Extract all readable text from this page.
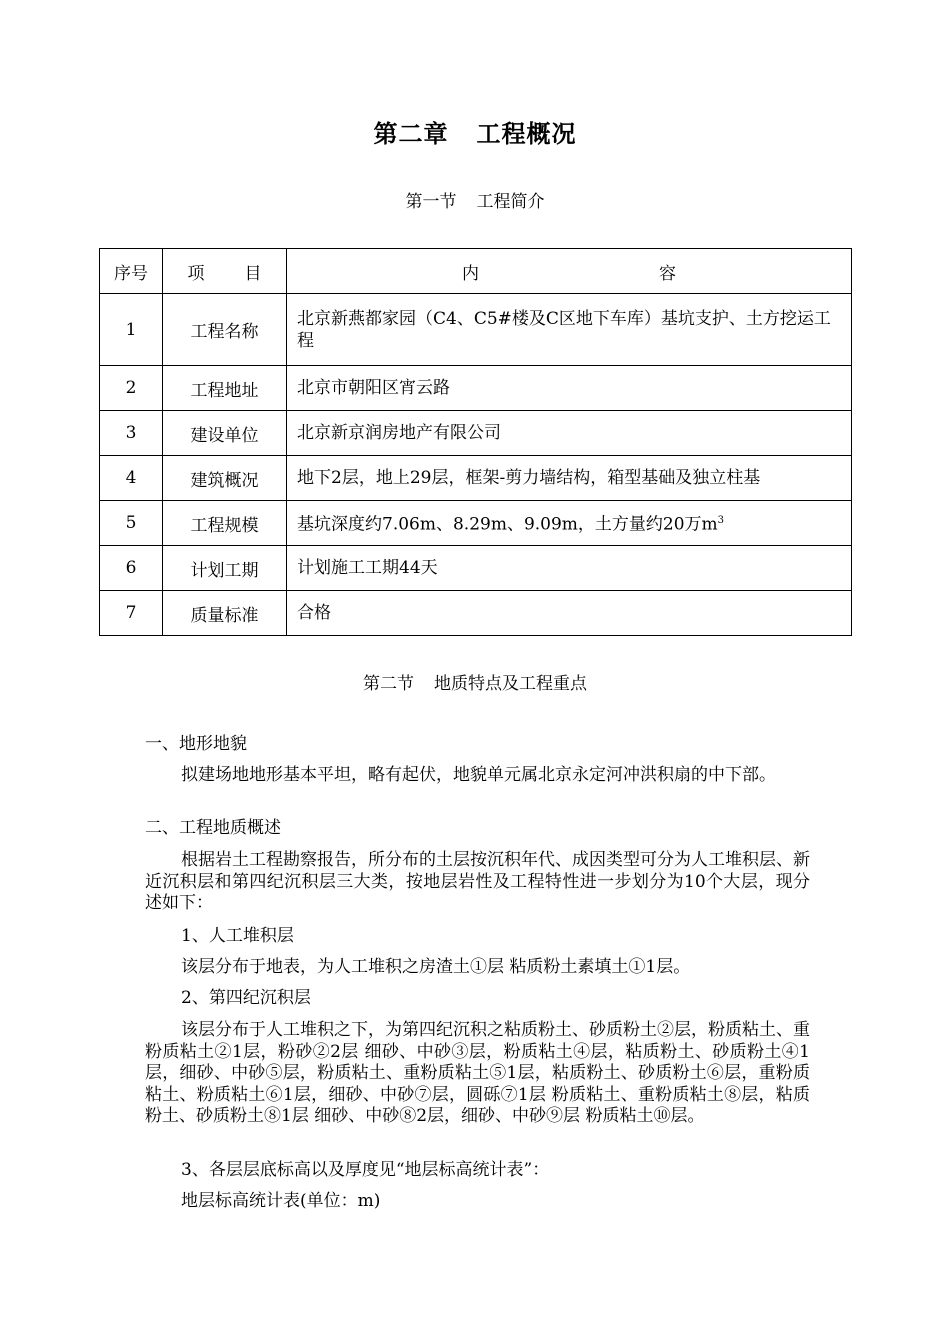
第二章 工程概况
第一节 工程简介
序号	项 目	内 容
1	工程名称	北京新燕都家园（C4、C5#楼及C区地下车库）基坑支护、土方挖运工程
2	工程地址	北京市朝阳区宵云路
3	建设单位	北京新京润房地产有限公司
4	建筑概况	地下2层，地上29层，框架-剪力墙结构，箱型基础及独立柱基
5	工程规模	基坑深度约7.06m、8.29m、9.09m，土方量约20万$m^3$
6	计划工期	计划施工工期44天
7	质量标准	合格
第二节 地质特点及工程重点
一、地形地貌
拟建场地地形基本平坦，略有起伏，地貌单元属北京永定河冲洪积扇的中下部。
二、工程地质概述
根据岩土工程勘察报告，所分布的土层按沉积年代、成因类型可分为人工堆积层、新近沉积层和第四纪沉积层三大类，按地层岩性及工程特性进一步划分为10个大层，现分述如下：
1、人工堆积层
该层分布于地表，为人工堆积之房渣土①层 粘质粉土素填土①1层。
2、第四纪沉积层
该层分布于人工堆积之下，为第四纪沉积之粘质粉土、砂质粉土②层，粉质粘土、重粉质粘土②1层，粉砂②2层 细砂、中砂③层，粉质粘土④层，粘质粉土、砂质粉土④1层，细砂、中砂⑤层，粉质粘土、重粉质粘土⑤1层，粘质粉土、砂质粉土⑥层，重粉质粘土、粉质粘土⑥1层，细砂、中砂⑦层，圆砾⑦1层 粉质粘土、重粉质粘土⑧层，粘质粉土、砂质粉土⑧1层 细砂、中砂⑧2层，细砂、中砂⑨层 粉质粘土⑩层。
3、各层层底标高以及厚度见“地层标高统计表”：
地层标高统计表(单位：m)
